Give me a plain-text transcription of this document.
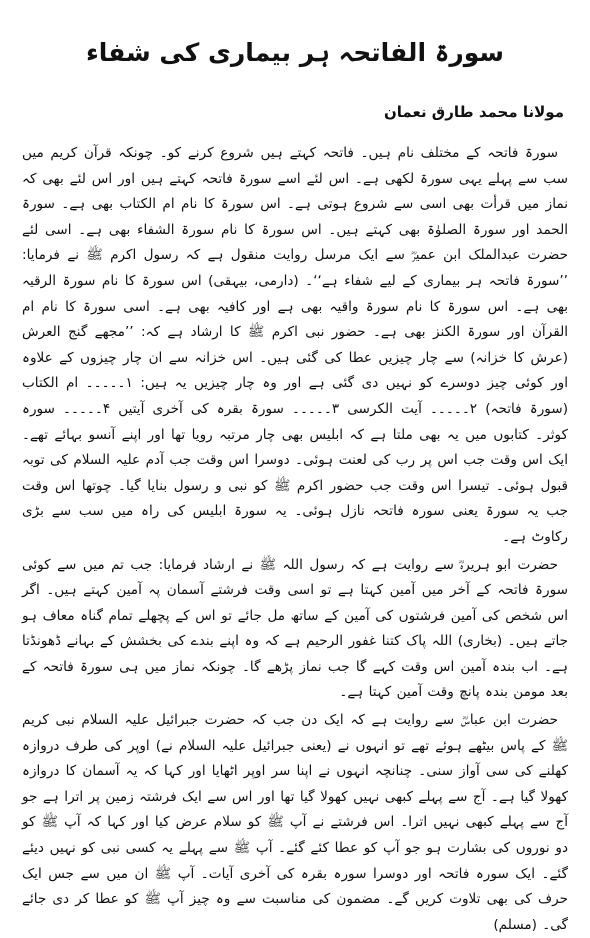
سورۃ الفاتحہ ہر بیماری کی شفاء
مولانا محمد طارق نعمان

سورۃ فاتحہ کے مختلف نام ہیں۔ فاتحہ کہتے ہیں شروع کرنے کو۔ چونکہ قرآن کریم میں سب سے پہلے یہی سورۃ لکھی ہے۔ اس لئے اسے سورۃ فاتحہ کہتے ہیں اور اس لئے بھی کہ نماز میں قرأت بھی اسی سے شروع ہوتی ہے۔ اس سورۃ کا نام ام الکتاب بھی ہے۔ سورۃ الحمد اور سورۃ الصلوٰۃ بھی کہتے ہیں۔ اس سورۃ کا نام سورۃ الشفاء بھی ہے۔ اسی لئے حضرت عبدالملک ابن عمیرؓ سے ایک مرسل روایت منقول ہے کہ رسول اکرم ﷺ نے فرمایا: ’’سورۃ فاتحہ ہر بیماری کے لیے شفاء ہے‘‘۔ (دارمی، بیہقی) اس سورۃ کا نام سورۃ الرقیہ بھی ہے۔ اس سورۃ کا نام سورۃ واقیہ بھی ہے اور کافیہ بھی ہے۔ اسی سورۃ کا نام ام القرآن اور سورۃ الکنز بھی ہے۔ حضور نبی اکرم ﷺ کا ارشاد ہے کہ: ’’مجھے گنج العرش (عرش کا خزانہ) سے چار چیزیں عطا کی گئی ہیں۔ اس خزانہ سے ان چار چیزوں کے علاوہ اور کوئی چیز دوسرے کو نہیں دی گئی ہے اور وہ چار چیزیں یہ ہیں: ۱۔۔۔۔۔ ام الکتاب (سورۃ فاتحہ) ۲۔۔۔۔۔ آیت الکرسی ۳۔۔۔۔۔ سورۃ بقرہ کی آخری آیتیں ۴۔۔۔۔۔ سورہ کوثر۔ کتابوں میں یہ بھی ملتا ہے کہ ابلیس بھی چار مرتبہ رویا تھا اور اپنے آنسو بہائے تھے۔ ایک اس وقت جب اس پر رب کی لعنت ہوئی۔ دوسرا اس وقت جب آدم علیہ السلام کی توبہ قبول ہوئی۔ تیسرا اس وقت جب حضور اکرم ﷺ کو نبی و رسول بنایا گیا۔ چوتھا اس وقت جب یہ سورۃ یعنی سورہ فاتحہ نازل ہوئی۔ یہ سورۃ ابلیس کی راہ میں سب سے بڑی رکاوٹ ہے۔

حضرت ابو ہریرہؓ سے روایت ہے کہ رسول اللہ ﷺ نے ارشاد فرمایا: جب تم میں سے کوئی سورۃ فاتحہ کے آخر میں آمین کہتا ہے تو اسی وقت فرشتے آسمان پہ آمین کہتے ہیں۔ اگر اس شخص کی آمین فرشتوں کی آمین کے ساتھ مل جائے تو اس کے پچھلے تمام گناہ معاف ہو جاتے ہیں۔ (بخاری) اللہ پاک کتنا غفور الرحیم ہے کہ وہ اپنے بندے کی بخشش کے بہانے ڈھونڈتا ہے۔ اب بندہ آمین اس وقت کہے گا جب نماز پڑھے گا۔ چونکہ نماز میں ہی سورۃ فاتحہ کے بعد مومن بندہ پانچ وقت آمین کہتا ہے۔

حضرت ابن عباسؓ سے روایت ہے کہ ایک دن جب کہ حضرت جبرائیل علیہ السلام نبی کریم ﷺ کے پاس بیٹھے ہوئے تھے تو انہوں نے (یعنی جبرائیل علیہ السلام نے) اوپر کی طرف دروازہ کھلنے کی سی آواز سنی۔ چنانچہ انہوں نے اپنا سر اوپر اٹھایا اور کہا کہ یہ آسمان کا دروازہ کھولا گیا ہے۔ آج سے پہلے کبھی نہیں کھولا گیا تھا اور اس سے ایک فرشتہ زمین پر اترا ہے جو آج سے پہلے کبھی نہیں اترا۔ اس فرشتے نے آپ ﷺ کو سلام عرض کیا اور کہا کہ آپ ﷺ کو دو نوروں کی بشارت ہو جو آپ کو عطا کئے گئے۔ آپ ﷺ سے پہلے یہ کسی نبی کو نہیں دیئے گئے۔ ایک سورہ فاتحہ اور دوسرا سورہ بقرہ کی آخری آیات۔ آپ ﷺ ان میں سے جس ایک حرف کی بھی تلاوت کریں گے۔ مضمون کی مناسبت سے وہ چیز آپ ﷺ کو عطا کر دی جائے گی۔ (مسلم)
